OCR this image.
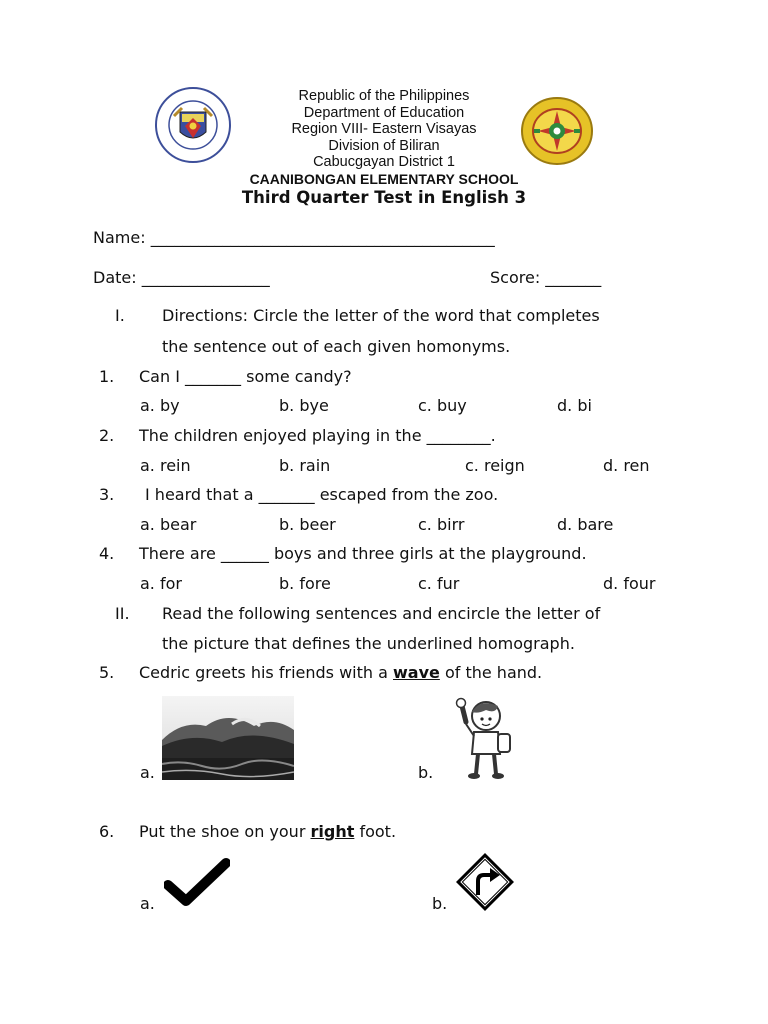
Republic of the Philippines
Department of Education
Region VIII- Eastern Visayas
Division of Biliran
Cabucgayan District 1
CAANIBONGAN ELEMENTARY SCHOOL
Third Quarter Test in English 3
Name: ___________________________________________
Date: ________________	Score: _______
I. Directions: Circle the letter of the word that completes
the sentence out of each given homonyms.
1. Can I _______ some candy?
a. by	b. bye	c. buy	d. bi
2. The children enjoyed playing in the ________.
a. rein	b. rain	c. reign	d. ren
3. I heard that a _______ escaped from the zoo.
a. bear	b. beer	c. birr	d. bare
4. There are ______ boys and three girls at the playground.
a. for	b. fore	c. fur	d. four
II. Read the following sentences and encircle the letter of
the picture that defines the underlined homograph.
5. Cedric greets his friends with a wave of the hand.
a.	b.
6. Put the shoe on your right foot.
a.	b.
